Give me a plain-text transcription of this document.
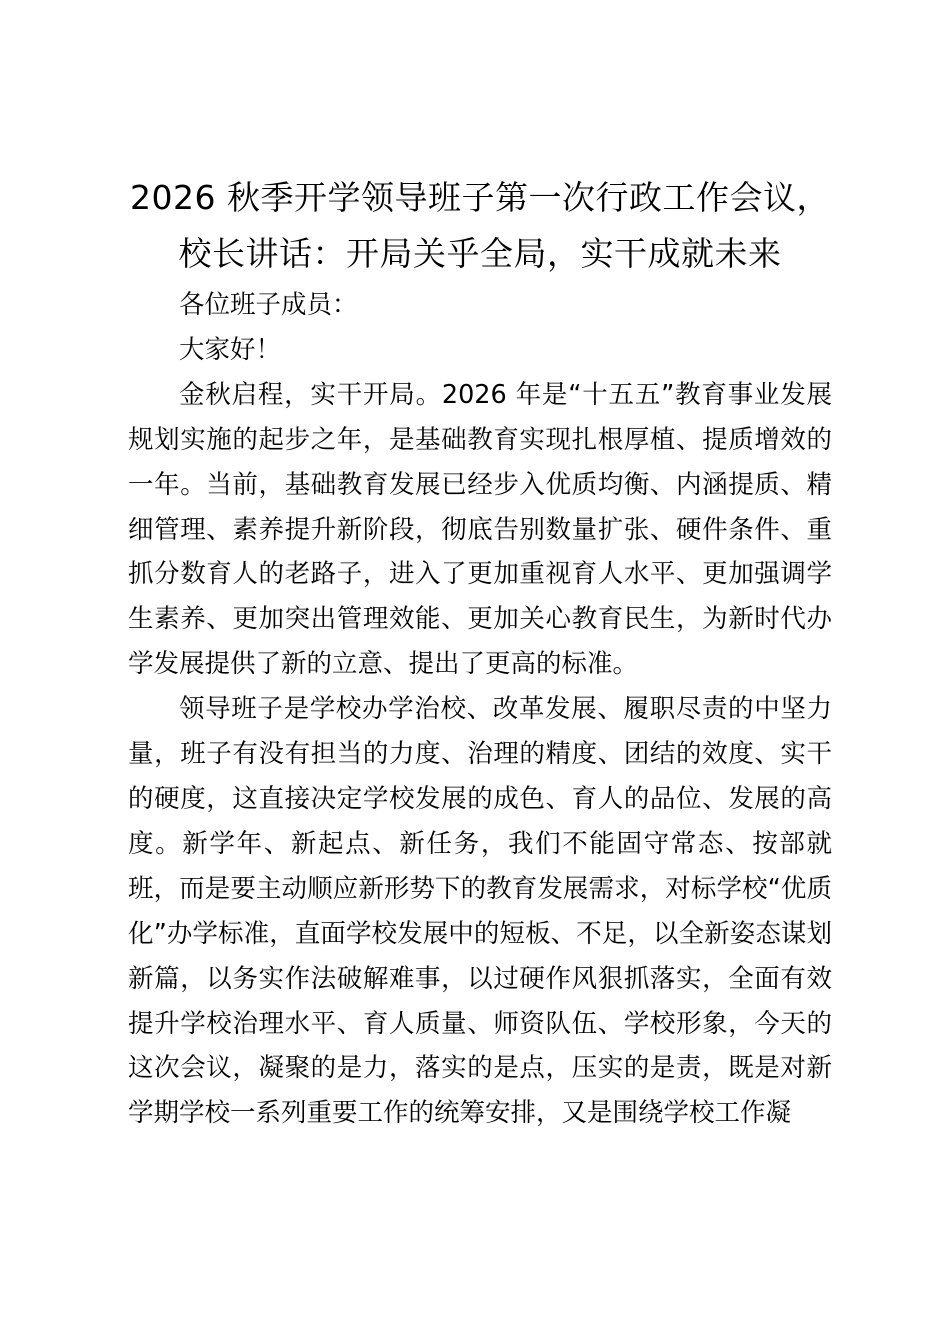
2026 秋季开学领导班子第一次行政工作会议，
校长讲话：开局关乎全局，实干成就未来

各位班子成员：

大家好！

金秋启程，实干开局。2026 年是“十五五”教育事业发展规划实施的起步之年，是基础教育实现扎根厚植、提质增效的一年。当前，基础教育发展已经步入优质均衡、内涵提质、精细管理、素养提升新阶段，彻底告别数量扩张、硬件条件、重抓分数育人的老路子，进入了更加重视育人水平、更加强调学生素养、更加突出管理效能、更加关心教育民生，为新时代办学发展提供了新的立意、提出了更高的标准。

领导班子是学校办学治校、改革发展、履职尽责的中坚力量，班子有没有担当的力度、治理的精度、团结的效度、实干的硬度，这直接决定学校发展的成色、育人的品位、发展的高度。新学年、新起点、新任务，我们不能固守常态、按部就班，而是要主动顺应新形势下的教育发展需求，对标学校“优质化”办学标准，直面学校发展中的短板、不足，以全新姿态谋划新篇，以务实作法破解难事，以过硬作风狠抓落实，全面有效提升学校治理水平、育人质量、师资队伍、学校形象，今天的这次会议，凝聚的是力，落实的是点，压实的是责，既是对新学期学校一系列重要工作的统筹安排，又是围绕学校工作凝
